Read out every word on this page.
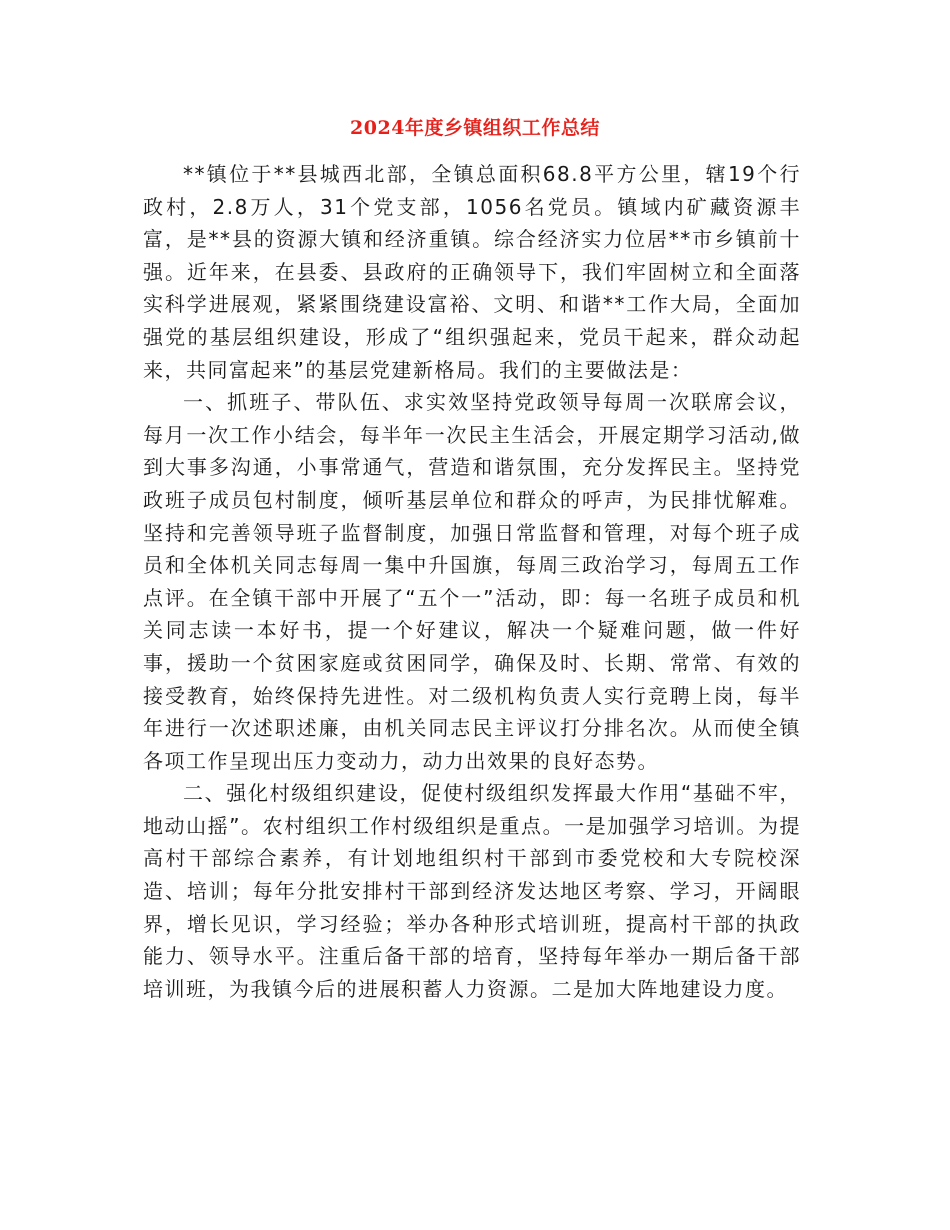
2024年度乡镇组织工作总结

**镇位于**县城西北部，全镇总面积68.8平方公里，辖19个行政村，2.8万人，31个党支部，1056名党员。镇域内矿藏资源丰富，是**县的资源大镇和经济重镇。综合经济实力位居**市乡镇前十强。近年来，在县委、县政府的正确领导下，我们牢固树立和全面落实科学进展观，紧紧围绕建设富裕、文明、和谐**工作大局，全面加强党的基层组织建设，形成了“组织强起来，党员干起来，群众动起来，共同富起来”的基层党建新格局。我们的主要做法是：

一、抓班子、带队伍、求实效坚持党政领导每周一次联席会议，每月一次工作小结会，每半年一次民主生活会，开展定期学习活动,做到大事多沟通，小事常通气，营造和谐氛围，充分发挥民主。坚持党政班子成员包村制度，倾听基层单位和群众的呼声，为民排忧解难。坚持和完善领导班子监督制度，加强日常监督和管理，对每个班子成员和全体机关同志每周一集中升国旗，每周三政治学习，每周五工作点评。在全镇干部中开展了“五个一”活动，即：每一名班子成员和机关同志读一本好书，提一个好建议，解决一个疑难问题，做一件好事，援助一个贫困家庭或贫困同学，确保及时、长期、常常、有效的接受教育，始终保持先进性。对二级机构负责人实行竞聘上岗，每半年进行一次述职述廉，由机关同志民主评议打分排名次。从而使全镇各项工作呈现出压力变动力，动力出效果的良好态势。

二、强化村级组织建设，促使村级组织发挥最大作用“基础不牢，地动山摇”。农村组织工作村级组织是重点。一是加强学习培训。为提高村干部综合素养，有计划地组织村干部到市委党校和大专院校深造、培训；每年分批安排村干部到经济发达地区考察、学习，开阔眼界，增长见识，学习经验；举办各种形式培训班，提高村干部的执政能力、领导水平。注重后备干部的培育，坚持每年举办一期后备干部培训班，为我镇今后的进展积蓄人力资源。二是加大阵地建设力度。
